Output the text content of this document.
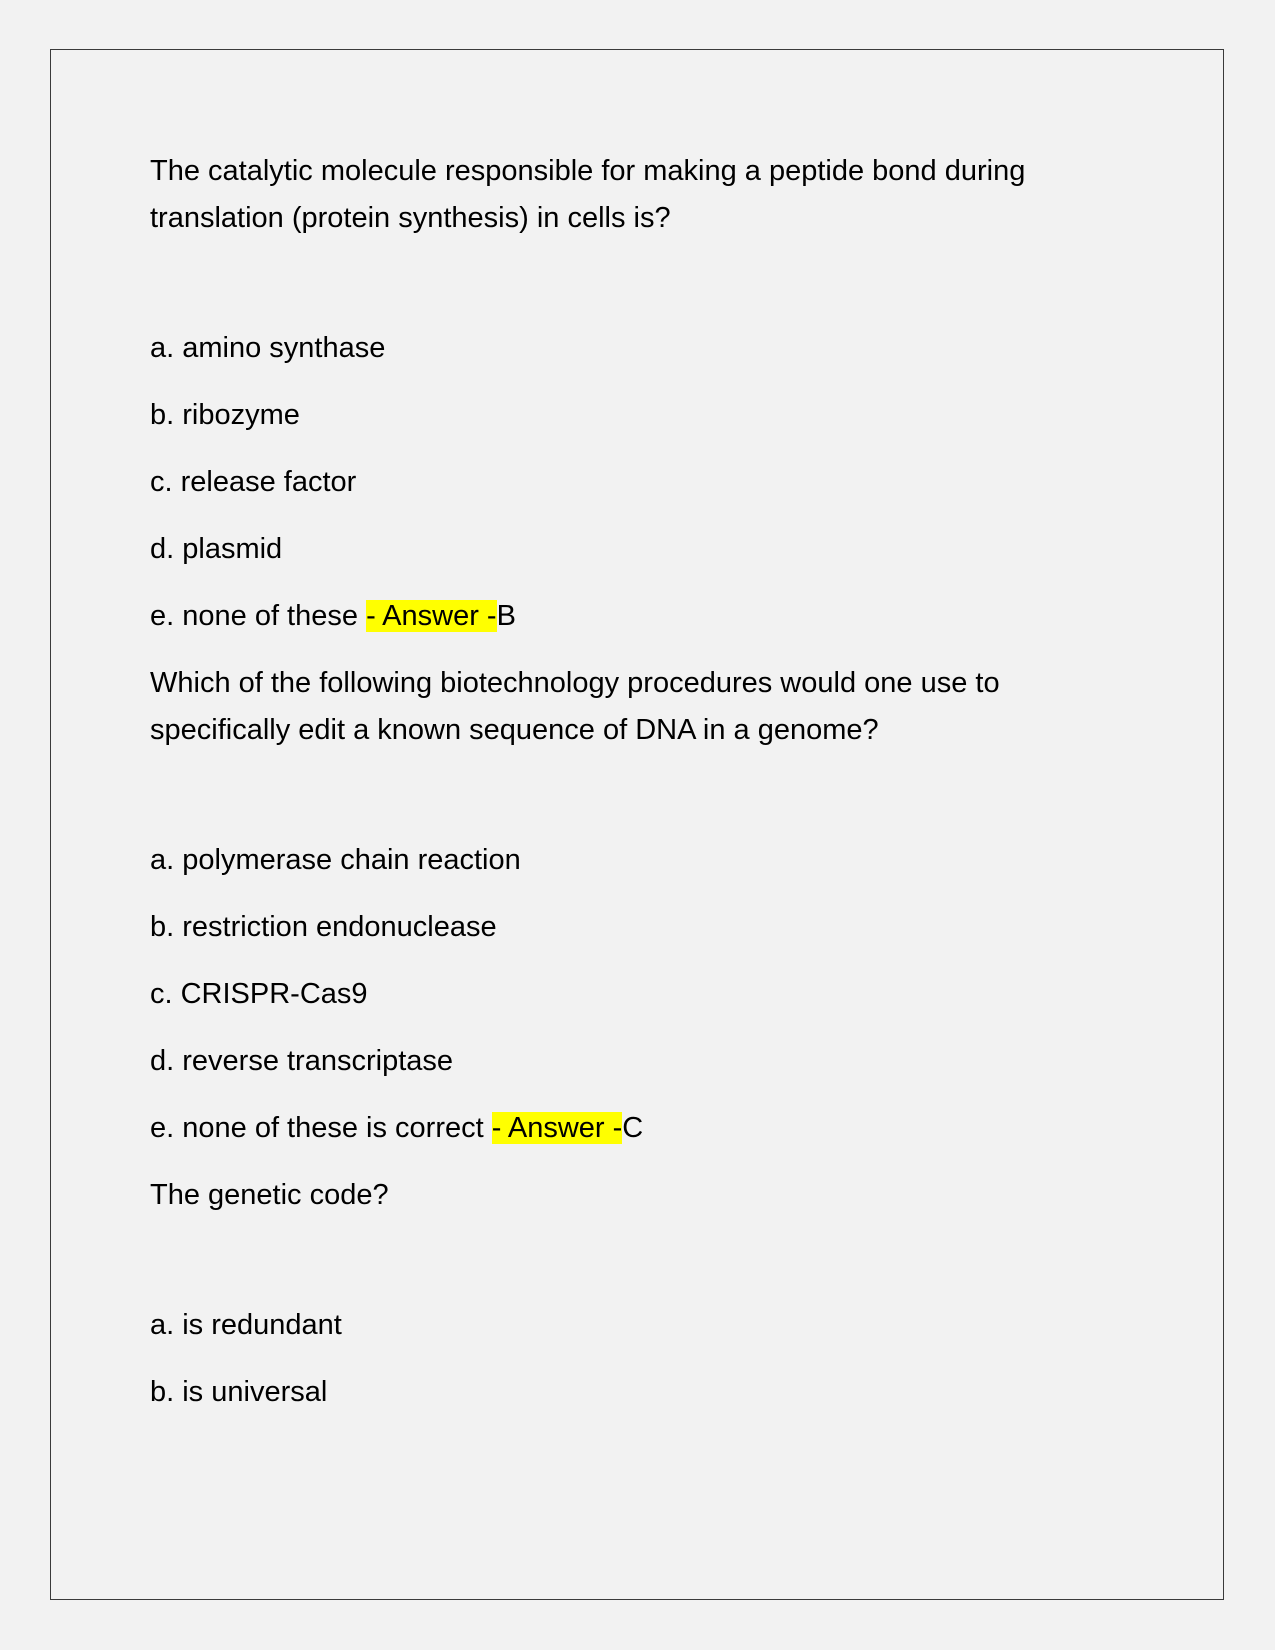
The catalytic molecule responsible for making a peptide bond during translation (protein synthesis) in cells is?

a. amino synthase

b. ribozyme

c. release factor

d. plasmid

e. none of these - Answer -B

Which of the following biotechnology procedures would one use to specifically edit a known sequence of DNA in a genome?

a. polymerase chain reaction

b. restriction endonuclease

c. CRISPR-Cas9

d. reverse transcriptase

e. none of these is correct - Answer -C

The genetic code?

a. is redundant

b. is universal
